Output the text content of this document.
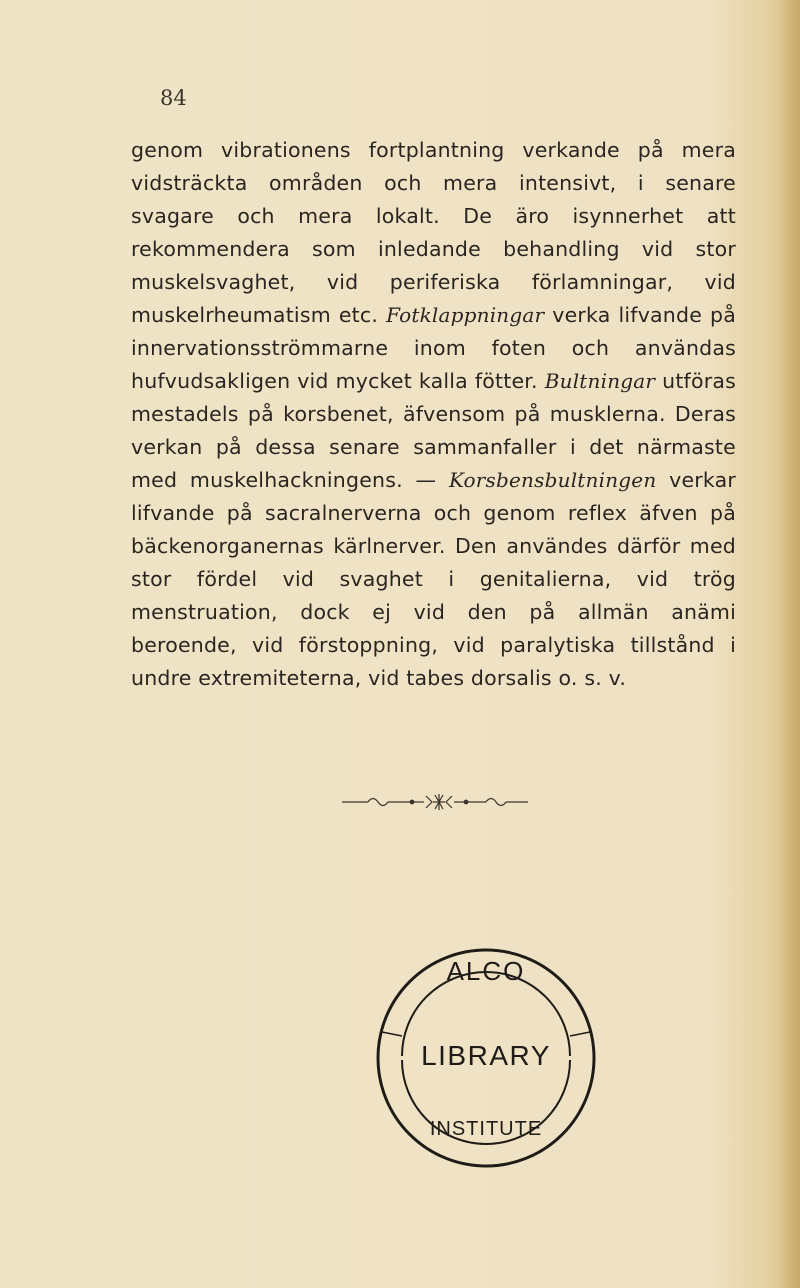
84

genom vibrationens fortplantning verkande på mera vidsträckta områden och mera intensivt, i senare svagare och mera lokalt. De äro isynnerhet att rekommendera som inledande behandling vid stor muskelsvaghet, vid periferiska förlamningar, vid muskelrheumatism etc. Fotklappningar verka lifvande på innervationsströmmarne inom foten och användas hufvudsakligen vid mycket kalla fötter. Bultningar utföras mestadels på korsbenet, äfvensom på musklerna. Deras verkan på dessa senare sammanfaller i det närmaste med muskelhackningens. — Korsbensbultningen verkar lifvande på sacralnerverna och genom reflex äfven på bäckenorganernas kärlnerver. Den användes därför med stor fördel vid svaghet i genitalierna, vid trög menstruation, dock ej vid den på allmän anämi beroende, vid förstoppning, vid paralytiska tillstånd i undre extremiteterna, vid tabes dorsalis o. s. v.

ALCO
LIBRARY
INSTITUTE
